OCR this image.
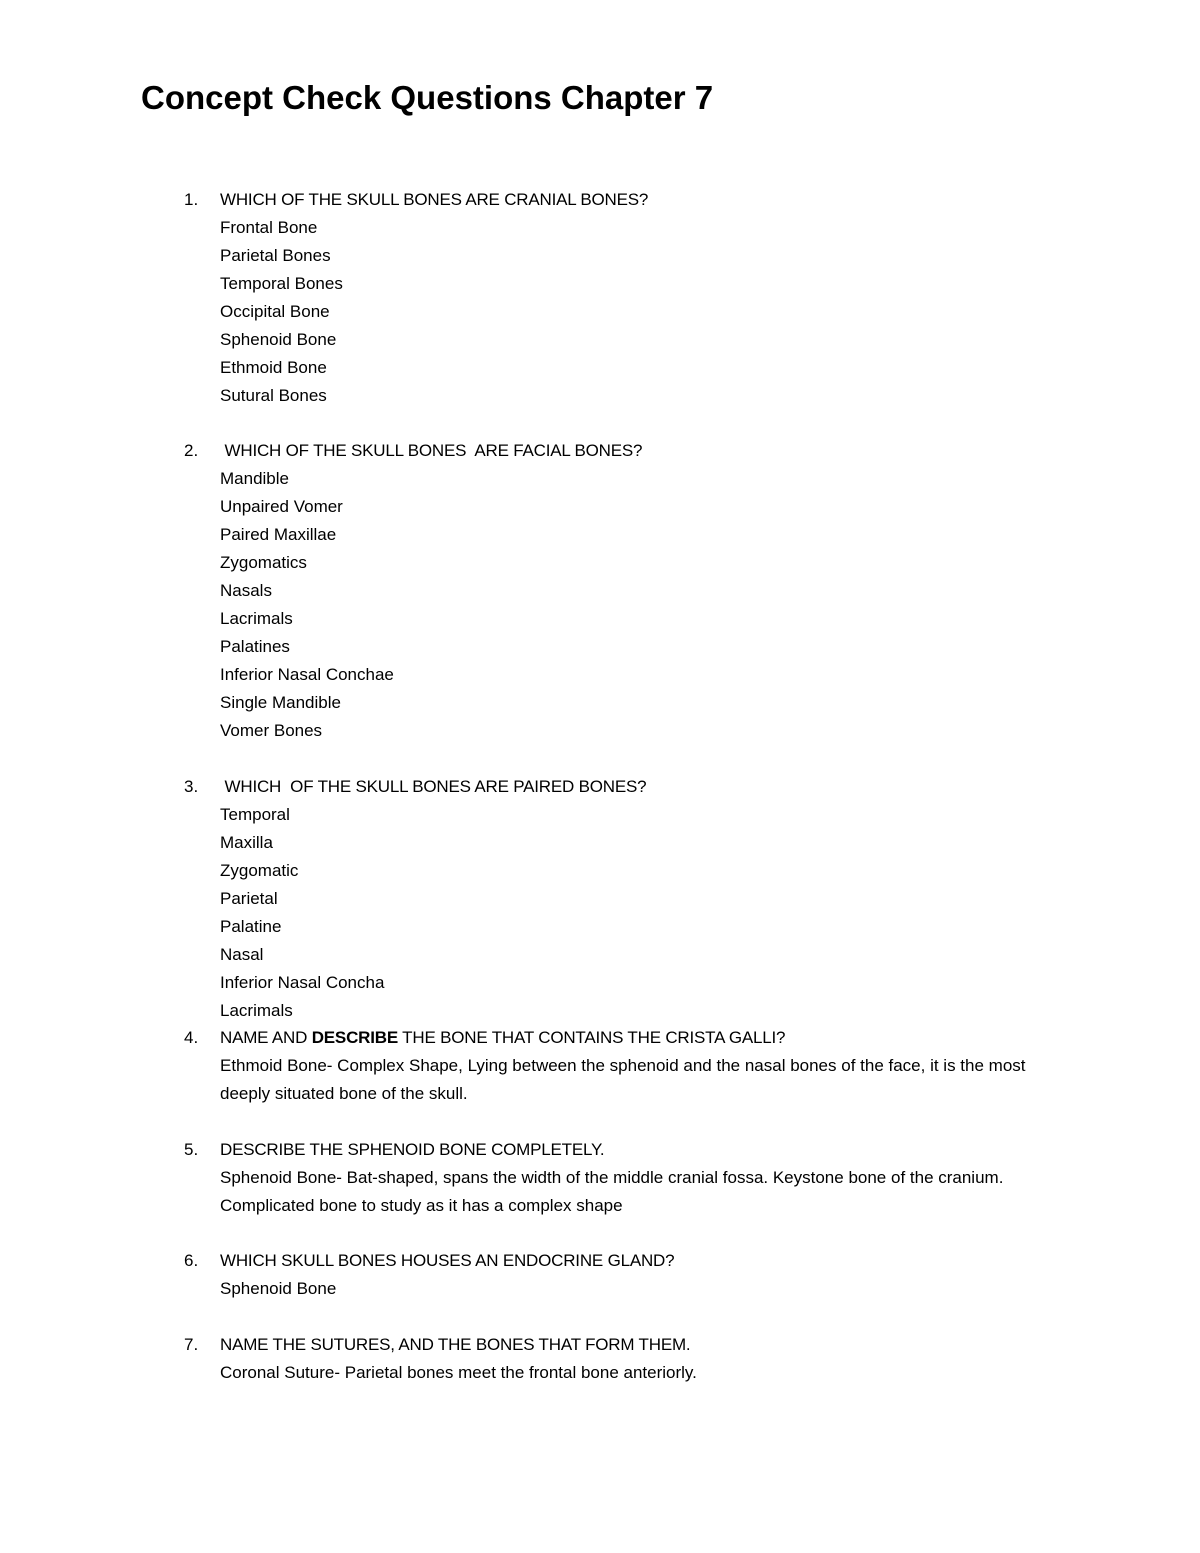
Concept Check Questions Chapter 7
1. WHICH OF THE SKULL BONES ARE CRANIAL BONES?
Frontal Bone
Parietal Bones
Temporal Bones
Occipital Bone
Sphenoid Bone
Ethmoid Bone
Sutural Bones
2. WHICH OF THE SKULL BONES  ARE FACIAL BONES?
Mandible
Unpaired Vomer
Paired Maxillae
Zygomatics
Nasals
Lacrimals
Palatines
Inferior Nasal Conchae
Single Mandible
Vomer Bones
3. WHICH  OF THE SKULL BONES ARE PAIRED BONES?
Temporal
Maxilla
Zygomatic
Parietal
Palatine
Nasal
Inferior Nasal Concha
Lacrimals
4. NAME AND DESCRIBE THE BONE THAT CONTAINS THE CRISTA GALLI?
Ethmoid Bone- Complex Shape, Lying between the sphenoid and the nasal bones of the face, it is the most deeply situated bone of the skull.
5. DESCRIBE THE SPHENOID BONE COMPLETELY.
Sphenoid Bone- Bat-shaped, spans the width of the middle cranial fossa. Keystone bone of the cranium. Complicated bone to study as it has a complex shape
6. WHICH SKULL BONES HOUSES AN ENDOCRINE GLAND?
Sphenoid Bone
7. NAME THE SUTURES, AND THE BONES THAT FORM THEM.
Coronal Suture- Parietal bones meet the frontal bone anteriorly.
